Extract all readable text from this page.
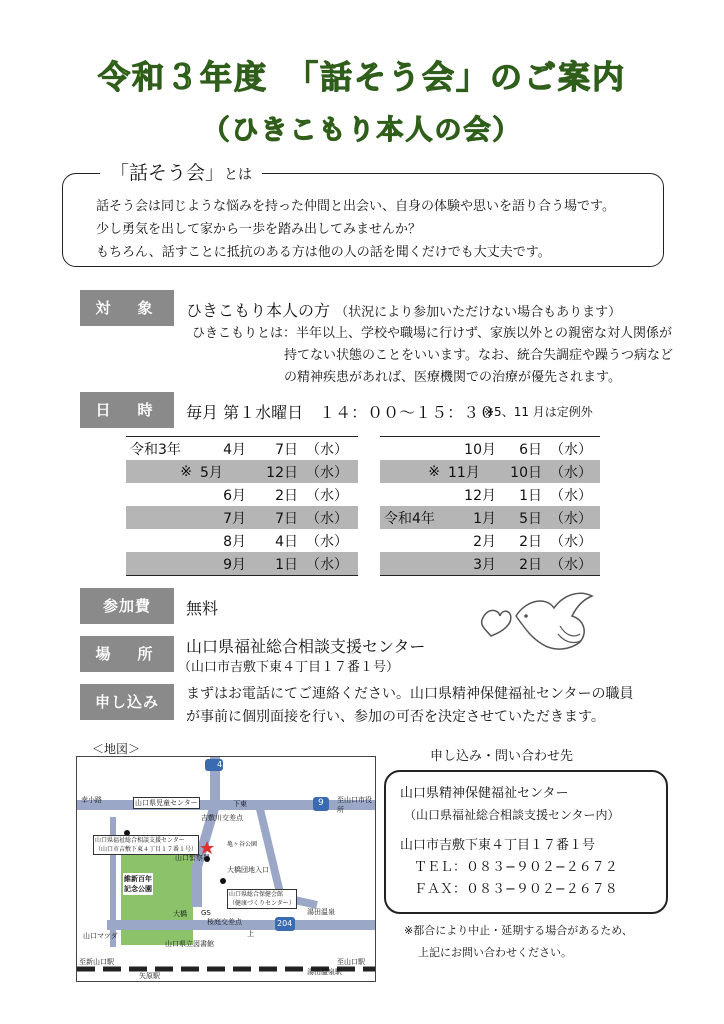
令和３年度　「話そう会」のご案内
（ひきこもり本人の会）
「話そう会」とは
話そう会は同じような悩みを持った仲間と出会い、自身の体験や思いを語り合う場です。
少し勇気を出して家から一歩を踏み出してみませんか？
もちろん、話すことに抵抗のある方は他の人の話を聞くだけでも大丈夫です。
対　象	ひきこもり本人の方 （状況により参加いただけない場合もあります）
ひきこもりとは：半年以上、学校や職場に行けず、家族以外との親密な対人関係が
持てない状態のことをいいます。なお、統合失調症や躁うつ病など
の精神疾患があれば、医療機関での治療が優先されます。
日　時	毎月 第１水曜日　１４：００〜１５：３０
※5、11 月は定例外
令和3年	4月	7日	（水）
※	5月	12日	（水）
	6月	2日	（水）
	7月	7日	（水）
	8月	4日	（水）
	9月	1日	（水）
	10月	6日	（水）
※	11月	10日	（水）
	12月	1日	（水）
令和4年	1月	5日	（水）
	2月	2日	（水）
	3月	2日	（水）
参加費	無料
場　所	山口県福祉総合相談支援センター
（山口市吉敷下東４丁目１７番１号）
申し込み	まずはお電話にてご連絡ください。山口県精神保健福祉センターの職員
が事前に個別面接を行い、参加の可否を決定させていただきます。
＜地図＞
435
9
204
幸小路	山口県児童センター
吉敷川交差点
下東
山口県福祉総合相談支援センター
（山口市吉敷下東４丁目１７番１号）
亀ヶ谷公園
山口警察署
維新百年
記念公園
大橋団地入口
山口県総合保健会館
（健康づくりセンター）
大橋 GS
桜庭交差点
湯田温泉
至山口市役所
山口マツダ
山口県立図書館
上
至新山口駅
矢原駅	湯田温泉駅
至山口駅
申し込み・問い合わせ先
山口県精神保健福祉センター
（山口県福祉総合相談支援センター内）
山口市吉敷下東４丁目１７番１号
ＴＥＬ：０８３−９０２−２６７２
ＦＡＸ：０８３−９０２−２６７８
※都合により中止・延期する場合があるため、
上記にお問い合わせください。
